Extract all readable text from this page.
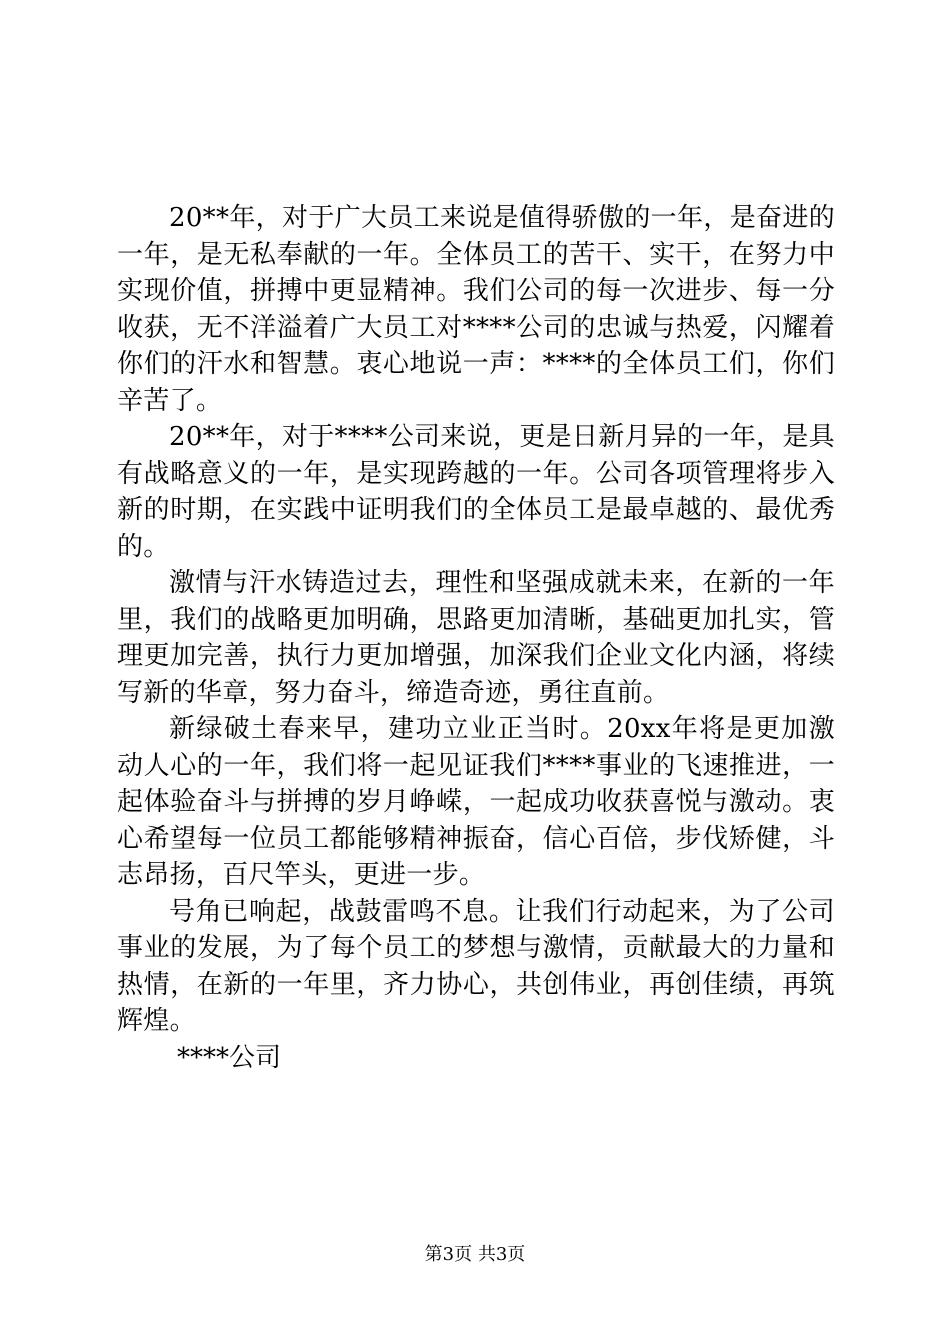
20**年，对于广大员工来说是值得骄傲的一年，是奋进的一年，是无私奉献的一年。全体员工的苦干、实干，在努力中实现价值，拼搏中更显精神。我们公司的每一次进步、每一分收获，无不洋溢着广大员工对****公司的忠诚与热爱，闪耀着你们的汗水和智慧。衷心地说一声：****的全体员工们，你们辛苦了。

20**年，对于****公司来说，更是日新月异的一年，是具有战略意义的一年，是实现跨越的一年。公司各项管理将步入新的时期，在实践中证明我们的全体员工是最卓越的、最优秀的。

激情与汗水铸造过去，理性和坚强成就未来，在新的一年里，我们的战略更加明确，思路更加清晰，基础更加扎实，管理更加完善，执行力更加增强，加深我们企业文化内涵，将续写新的华章，努力奋斗，缔造奇迹，勇往直前。

新绿破土春来早，建功立业正当时。20xx年将是更加激动人心的一年，我们将一起见证我们****事业的飞速推进，一起体验奋斗与拼搏的岁月峥嵘，一起成功收获喜悦与激动。衷心希望每一位员工都能够精神振奋，信心百倍，步伐矫健，斗志昂扬，百尺竿头，更进一步。

号角已响起，战鼓雷鸣不息。让我们行动起来，为了公司事业的发展，为了每个员工的梦想与激情，贡献最大的力量和热情，在新的一年里，齐力协心，共创伟业，再创佳绩，再筑辉煌。

****公司

第3页 共3页
